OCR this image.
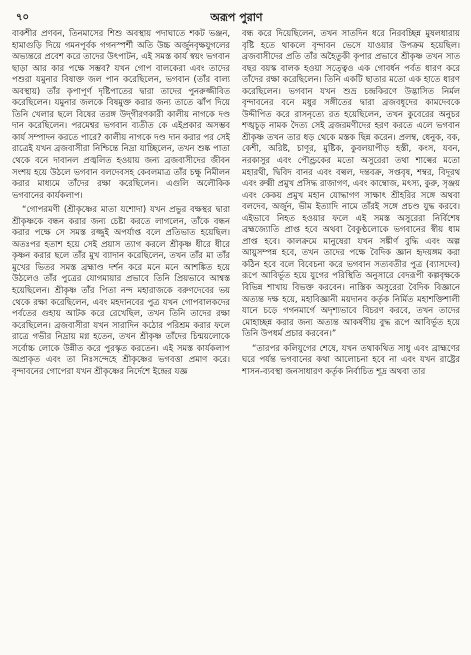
৭০	অরূপ পুরাণ

বাকশীর প্রণবন, তিনমাসের শিশু অবস্থায় পদাঘাতে শকট ভঞ্জন, হামাগুড়ি দিয়ে গমনপূর্বক গগনস্পর্শী অতি উচ্চ অর্জুনবৃক্ষযুগলের অভ্যন্তরে প্রবেশ করে তাদের উৎপাটন, এই সমস্ত কার্য স্বয়ং ভগবান ছাড়া আর কার পক্ষে সম্ভব? যখন গোপ বালকেরা এবং তাদের পশুরা যমুনার বিষাক্ত জল পান করেছিলেন, ভগবান (তাঁর বাল্য অবস্থায়) তাঁর কৃপাপূর্ণ দৃষ্টিপাতের দ্বারা তাদের পুনরুজ্জীবিত করেছিলেন। যমুনার জলকে বিষমুক্ত করার জন্য তাতে ঝাঁপ দিয়ে তিনি খেলার ছলে বিষের তরঙ্গ উদ্‌গীরণকারী কালীয় নাগকে দণ্ড দান করেছিলেন। পরমেশ্বর ভগবান ব্যতীত কে এইপ্রকার অসম্ভব কার্য সম্পাদন করতে পারে? কালীয় নাগকে দণ্ড দান করার পর সেই রাত্রেই যখন ব্রজবাসীরা নিশ্চিন্তে নিদ্রা যাচ্ছিলেন, তখন শুষ্ক পাতা থেকে বনে দাবানল প্রজ্বলিত হওয়ায় জন্য ব্রজবাসীদের জীবন সংশয় হয়ে উঠলে ভগবান বলদেবসহ কেবলমাত্র তাঁর চক্ষু নিমীলন করার মাধ্যমে তাঁদের রক্ষা করেছিলেন। এগুলি অলৌকিক ভগবানের কার্যকলাপ।

“গোপরমণী (শ্রীকৃষ্ণের মাতা যশোদা) যখন প্রভুর বক্ষস্থর দ্বারা শ্রীকৃষ্ণকে বন্ধন করার জন্য চেষ্টা করতে লাগলেন, তাঁকে বন্ধন করার পক্ষে সে সমস্ত রজ্জুই অপর্যাপ্ত বলে প্রতিভাত হয়েছিল। অতঃপর হতাশ হয়ে সেই প্রয়াস ত্যাগ করলে শ্রীকৃষ্ণ ধীরে ধীরে কৃষ্ণন করার ছলে তাঁর মুখ ব্যাদান করেছিলেন, তখন তাঁর মা তাঁর মুখের ভিতর সমস্ত ব্রহ্মাণ্ড দর্শন করে মনে মনে আশঙ্কিত হয়ে উঠলেও তাঁর পুত্রের যোগমায়ার প্রভাবে তিনি প্রিয়ভাবে আশ্বস্ত হয়েছিলেন। শ্রীকৃষ্ণ তাঁর পিতা নন্দ মহারাজকে বরুণদেবের ভয় থেকে রক্ষা করেছিলেন, এবং মহদানবের পুত্র যখন গোপবালকদের পর্বতের গুহায় আটক করে রেখেছিল, তখন তিনি তাদের রক্ষা করেছিলেন। ব্রজবাসীরা যখন সারাদিন কঠোর পরিশ্রম করার ফলে রাত্রে গভীর নিদ্রায় মগ্ন হতেন, তখন শ্রীকৃষ্ণ তাঁদের চিন্ময়লোকে সর্বোচ্চ লোকে উন্নীত করে পুরস্কৃত করতেন। এই সমস্ত কার্যকলাপ অপ্রাকৃত এবং তা নিঃসন্দেহে শ্রীকৃষ্ণের ভগবত্তা প্রমাণ করে। বৃন্দাবনের গোপেরা যখন শ্রীকৃষ্ণের নির্দেশে ইন্দ্রের যজ্ঞ

বন্ধ করে দিয়েছিলেন, তখন সাতদিন ধরে নিরবচ্ছিন্ন মুষলধারায় বৃষ্টি হতে থাকলে বৃন্দাবন ভেসে যাওয়ার উপক্রম হয়েছিল। ব্রজবাসীদের প্রতি তাঁর অহৈতুকী কৃপার প্রভাবে শ্রীকৃষ্ণ তখন সাত বছর বয়স্ক বালক হওয়া সত্ত্বেও এক গোবর্ধন পর্বত ধারণ করে তাঁদের রক্ষা করেছিলেন। তিনি একটি ছাতার মতো এক হাতে ধারণ করেছিলেন। ভগবান যখন শুভ্র চন্দ্রকিরণে উদ্ভাসিত নির্মল বৃন্দাবনের বনে মধুর সঙ্গীতের দ্বারা ব্রজবধূদের কামদেবকে উদ্দীপিত করে রাসনৃত্যে রত হয়েছিলেন, তখন কুবেরের অনুচর শঙ্খচূড় নামক দৈত্য সেই ব্রজরমণীদের হরণ করতে এলে ভগবান শ্রীকৃষ্ণ তখন তার ধড় থেকে মস্তক ছিন্ন করেন। প্রলম্ব, ধেনুক, বক, কেশী, অরিষ্ট, চাণূর, মুষ্টিক, কুবলয়াপীড় হস্তী, কংস, যবন, নরকাসুর এবং পৌণ্ড্রকের মতো অসুরেরা তথা শাল্বের মতো মহারথী, দ্বিবিদ বানর এবং বল্বল, দন্তবক্র, সপ্তবৃষ, শম্বর, বিদূরথ এবং রুক্মী প্রমুখ প্রসিদ্ধ রাজাগণ, এবং কাম্বোজ, মৎস্য, কুরু, সৃঞ্জয় এবং কেকয় প্রমুখ মহান যোদ্ধাগণ সাক্ষাৎ শ্রীহরির সঙ্গে অথবা বলদেব, অর্জুন, ভীম ইত্যাদি নামে তাঁরই সঙ্গে প্রচণ্ড যুদ্ধ করবে। এইভাবে নিহত হওয়ার ফলে এই সমস্ত অসুরেরা নির্বিশেষ ব্রহ্মজ্যোতি প্রাপ্ত হবে অথবা বৈকুণ্ঠলোকে ভগবানের স্বীয় ধাম প্রাপ্ত হবে। কালক্রমে মানুষেরা যখন সঙ্কীর্ণ বুদ্ধি এবং অল্প আয়ুসম্পন্ন হবে, তখন তাদের পক্ষে বৈদিক জ্ঞান হৃদয়ঙ্গম করা কঠিন হবে বলে বিবেচনা করে ভগবান সত্যবতীর পুত্র (ব্যাসদেব) রূপে আবির্ভূত হয়ে যুগের পরিস্থিতি অনুসারে বেদরূপী কল্পবৃক্ষকে বিভিন্ন শাখায় বিভক্ত করবেন। নাস্তিক অসুরেরা বৈদিক বিজ্ঞানে অত্যন্ত দক্ষ হয়ে, মহাবিজ্ঞানী ময়দানব কর্তৃক নির্মিত মহাশক্তিশালী যানে চড়ে গগনমার্গে অদৃশ্যভাবে বিচরণ করবে, তখন তাদের মোহাচ্ছন্ন করার জন্য অত্যন্ত আকর্ষণীয় বুদ্ধ রূপে আবির্ভূত হয়ে তিনি উপধর্ম প্রচার করবেন।”

“তারপর কলিযুগের শেষে, যখন তথাকথিত সাধু এবং ব্রাহ্মণের ঘরে পর্যন্ত ভগবানের কথা আলোচনা হবে না এবং যখন রাষ্ট্রের শাসন-ব্যবস্থা জনসাধারণ কর্তৃক নির্বাচিত শূদ্র অথবা তার
